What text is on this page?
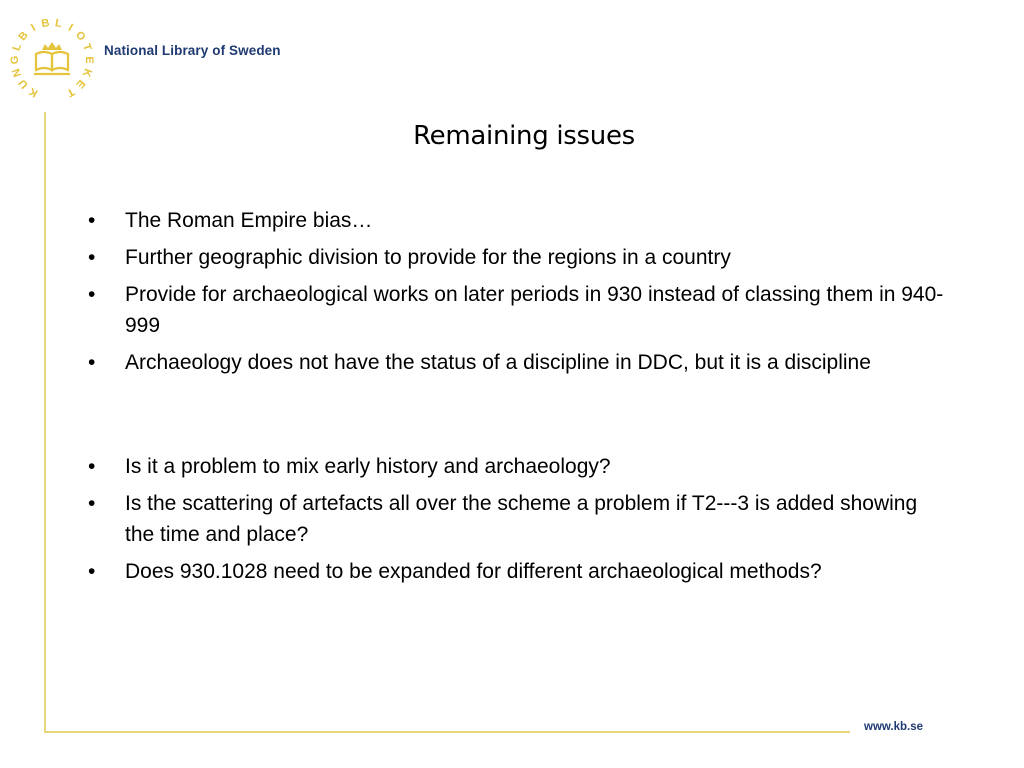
K
U
N
G
L
B
I B L I
O
T
E
K
E
T
National Library of Sweden
Remaining issues
• The Roman Empire bias…
• Further geographic division to provide for the regions in a country
• Provide for archaeological works on later periods in 930 instead of classing them in 940-999
• Archaeology does not have the status of a discipline in DDC, but it is a discipline
• Is it a problem to mix early history and archaeology?
• Is the scattering of artefacts all over the scheme a problem if T2---3 is added showing the time and place?
• Does 930.1028 need to be expanded for different archaeological methods?
www.kb.se
